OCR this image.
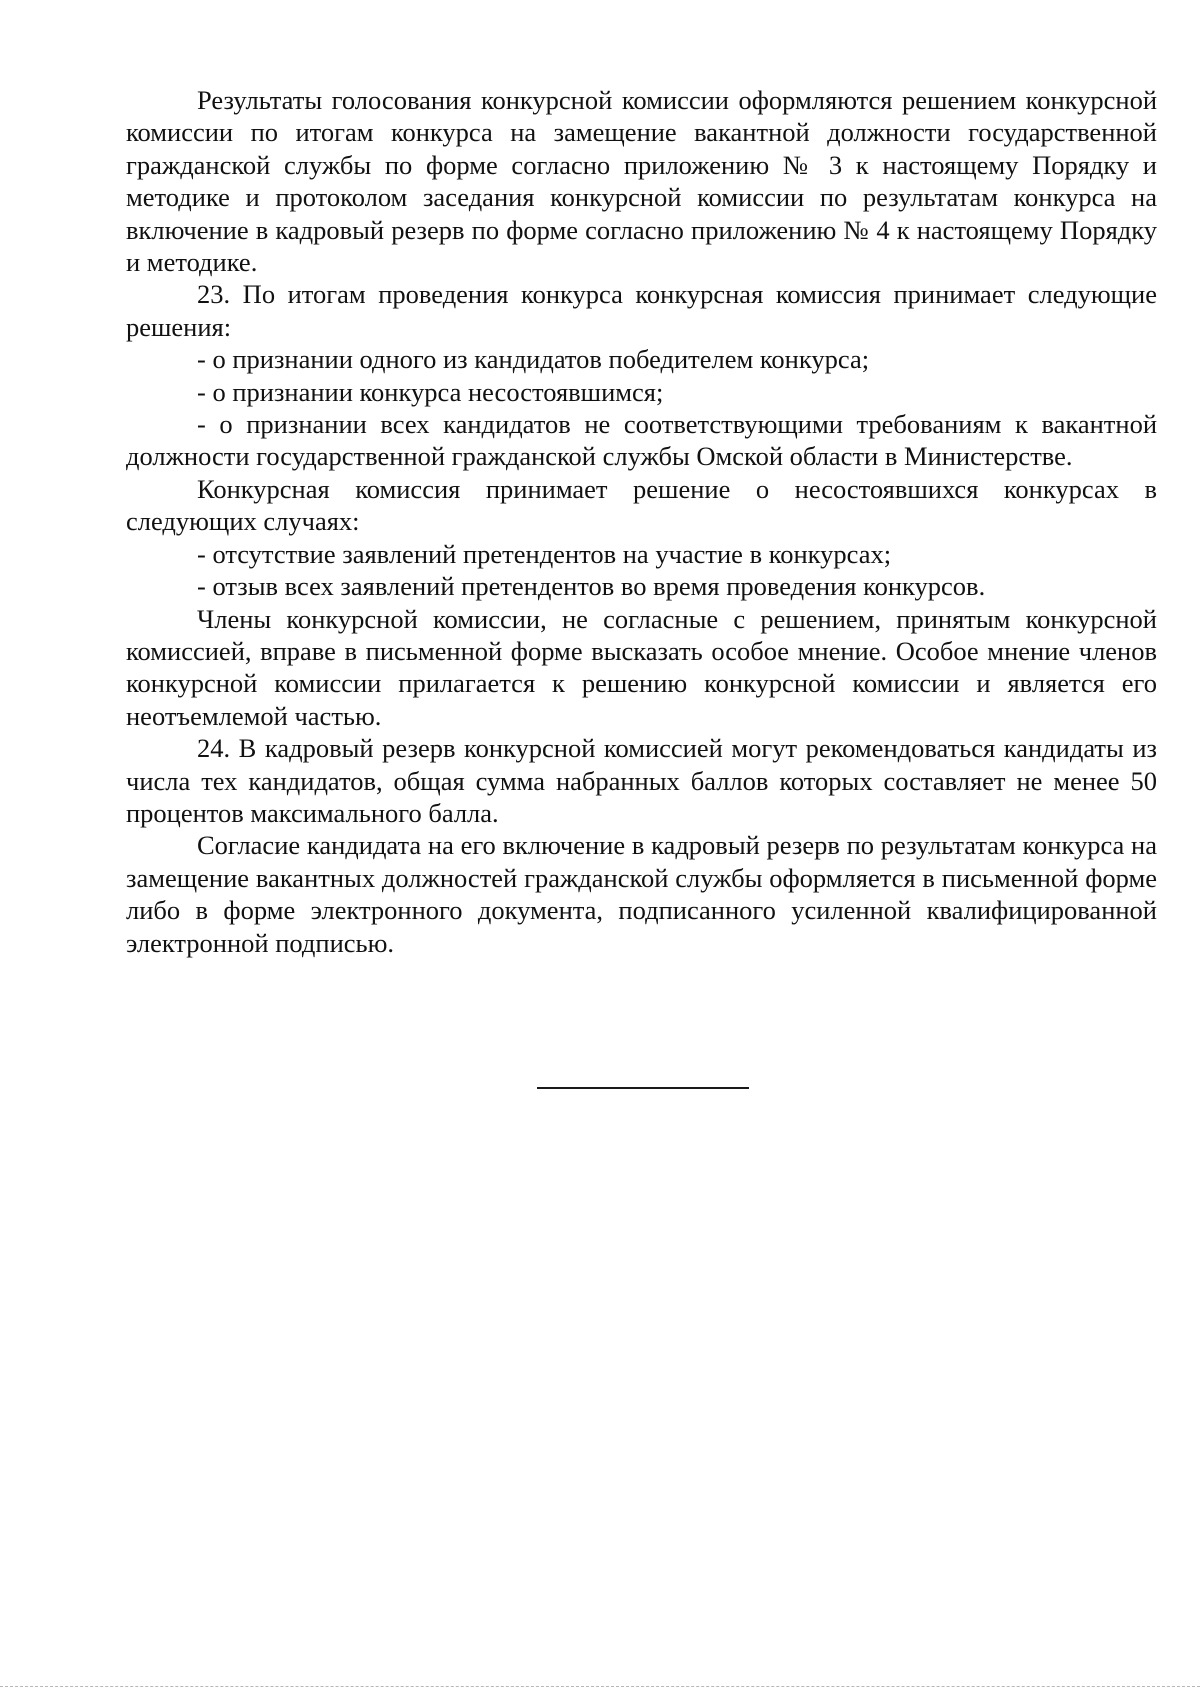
Результаты голосования конкурсной комиссии оформляются решением конкурсной комиссии по итогам конкурса на замещение вакантной должности государственной гражданской службы по форме согласно приложению № 3 к настоящему Порядку и методике и протоколом заседания конкурсной комиссии по результатам конкурса на включение в кадровый резерв по форме согласно приложению № 4 к настоящему Порядку и методике.

23. По итогам проведения конкурса конкурсная комиссия принимает следующие решения:

- о признании одного из кандидатов победителем конкурса;

- о признании конкурса несостоявшимся;

- о признании всех кандидатов не соответствующими требованиям к вакантной должности государственной гражданской службы Омской области в Министерстве.

Конкурсная комиссия принимает решение о несостоявшихся конкурсах в следующих случаях:

- отсутствие заявлений претендентов на участие в конкурсах;

- отзыв всех заявлений претендентов во время проведения конкурсов.

Члены конкурсной комиссии, не согласные с решением, принятым конкурсной комиссией, вправе в письменной форме высказать особое мнение. Особое мнение членов конкурсной комиссии прилагается к решению конкурсной комиссии и является его неотъемлемой частью.

24. В кадровый резерв конкурсной комиссией могут рекомендоваться кандидаты из числа тех кандидатов, общая сумма набранных баллов которых составляет не менее 50 процентов максимального балла.

Согласие кандидата на его включение в кадровый резерв по результатам конкурса на замещение вакантных должностей гражданской службы оформляется в письменной форме либо в форме электронного документа, подписанного усиленной квалифицированной электронной подписью.
